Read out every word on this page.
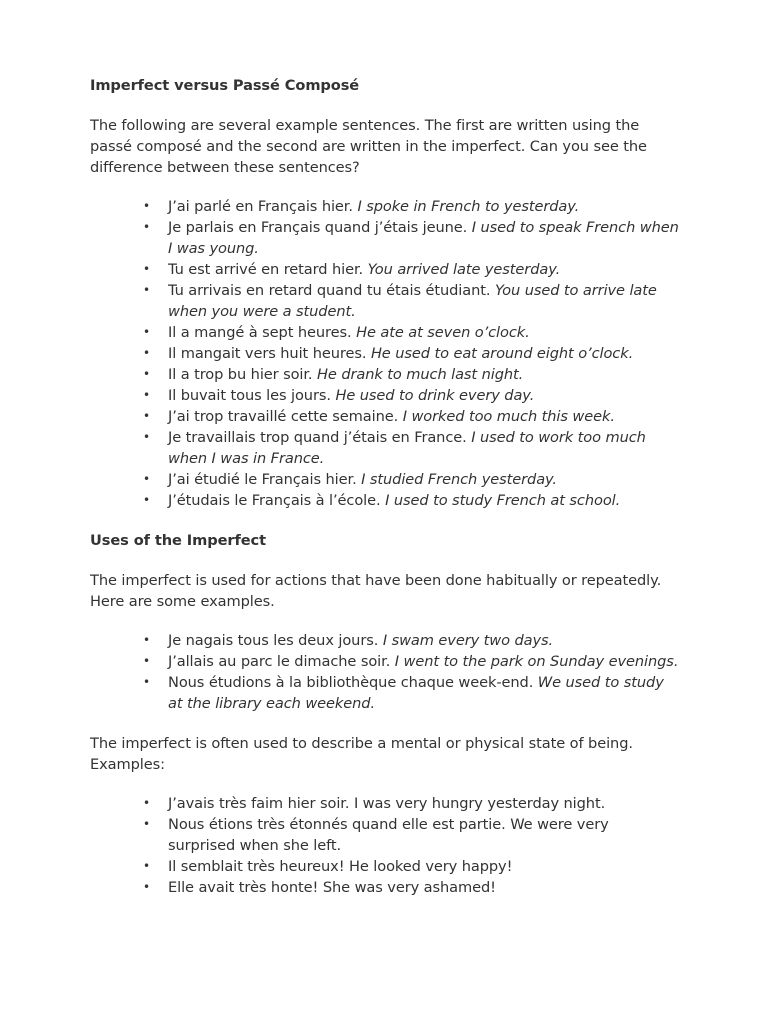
Imperfect versus Passé Composé

The following are several example sentences. The first are written using the passé composé and the second are written in the imperfect. Can you see the difference between these sentences?

• J’ai parlé en Français hier. I spoke in French to yesterday.
• Je parlais en Français quand j’étais jeune. I used to speak French when I was young.
• Tu est arrivé en retard hier. You arrived late yesterday.
• Tu arrivais en retard quand tu étais étudiant. You used to arrive late when you were a student.
• Il a mangé à sept heures. He ate at seven o’clock.
• Il mangait vers huit heures. He used to eat around eight o’clock.
• Il a trop bu hier soir. He drank to much last night.
• Il buvait tous les jours. He used to drink every day.
• J’ai trop travaillé cette semaine. I worked too much this week.
• Je travaillais trop quand j’étais en France. I used to work too much when I was in France.
• J’ai étudié le Français hier. I studied French yesterday.
• J’étudais le Français à l’école. I used to study French at school.

Uses of the Imperfect

The imperfect is used for actions that have been done habitually or repeatedly. Here are some examples.

• Je nagais tous les deux jours. I swam every two days.
• J’allais au parc le dimache soir. I went to the park on Sunday evenings.
• Nous étudions à la bibliothèque chaque week-end. We used to study at the library each weekend.

The imperfect is often used to describe a mental or physical state of being. Examples:

• J’avais très faim hier soir. I was very hungry yesterday night.
• Nous étions très étonnés quand elle est partie. We were very surprised when she left.
• Il semblait très heureux! He looked very happy!
• Elle avait très honte! She was very ashamed!
